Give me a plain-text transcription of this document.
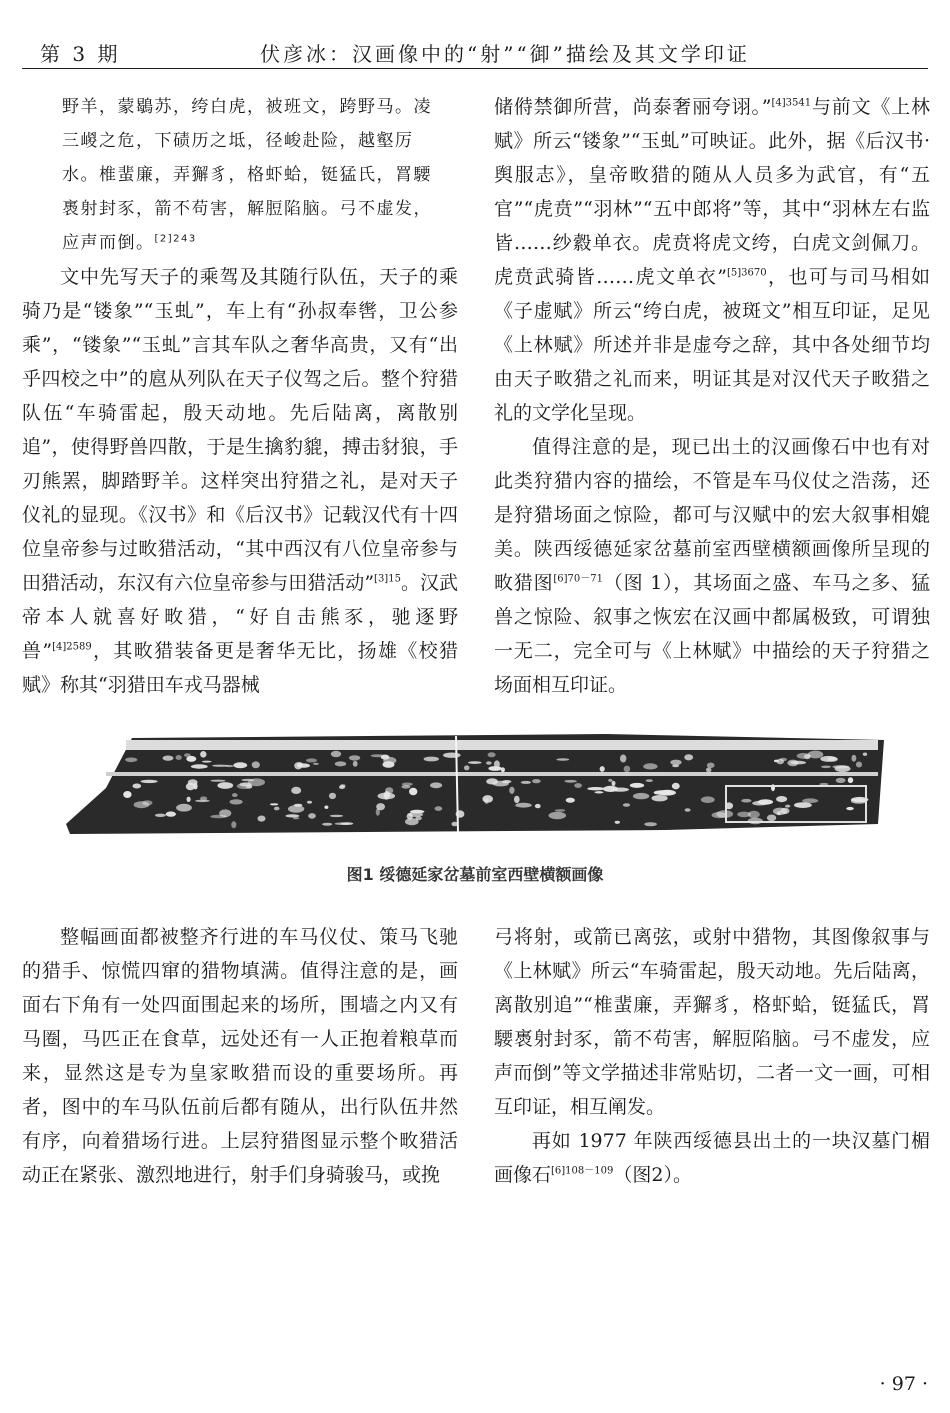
第 3 期	伏彦冰：汉画像中的“射”“御”描绘及其文学印证

野羊，蒙鶡苏，绔白虎，被班文，跨野马。凌

三嵕之危，下碛历之坻，径峻赴险，越壑厉

水。椎蜚廉，弄獬豸，格虾蛤，铤猛氏，罥騕

褭射封豕，箭不苟害，解脰陷脑。弓不虚发，

应声而倒。$^{[2]243}$

文中先写天子的乘驾及其随行队伍，天子的乘骑乃是“镂象”“玉虬”，车上有“孙叔奉辔，卫公参乘”，“镂象”“玉虬”言其车队之奢华高贵，又有“出乎四校之中”的扈从列队在天子仪驾之后。整个狩猎队伍“车骑雷起，殷天动地。先后陆离，离散别追”，使得野兽四散，于是生擒豹貔，搏击豺狼，手刃熊罴，脚踏野羊。这样突出狩猎之礼，是对天子仪礼的显现。《汉书》和《后汉书》记载汉代有十四位皇帝参与过畋猎活动，“其中西汉有八位皇帝参与田猎活动，东汉有六位皇帝参与田猎活动”$^{[3]15}$。汉武帝本人就喜好畋猎，“好自击熊豕，驰逐野兽”$^{[4]2589}$，其畋猎装备更是奢华无比，扬雄《校猎赋》称其“羽猎田车戎马器械

储偫禁御所营，尚泰奢丽夸诩。”$^{[4]3541}$与前文《上林赋》所云“镂象”“玉虬”可映证。此外，据《后汉书·舆服志》，皇帝畋猎的随从人员多为武官，有“五官”“虎贲”“羽林”“五中郎将”等，其中“羽林左右监皆……纱縠单衣。虎贲将虎文绔，白虎文剑佩刀。虎贲武骑皆……虎文单衣”$^{[5]3670}$，也可与司马相如《子虚赋》所云“绔白虎，被斑文”相互印证，足见《上林赋》所述并非是虚夸之辞，其中各处细节均由天子畋猎之礼而来，明证其是对汉代天子畋猎之礼的文学化呈现。

值得注意的是，现已出土的汉画像石中也有对此类狩猎内容的描绘，不管是车马仪仗之浩荡，还是狩猎场面之惊险，都可与汉赋中的宏大叙事相媲美。陕西绥德延家岔墓前室西壁横额画像所呈现的畋猎图$^{[6]70-71}$（图 1），其场面之盛、车马之多、猛兽之惊险、叙事之恢宏在汉画中都属极致，可谓独一无二，完全可与《上林赋》中描绘的天子狩猎之场面相互印证。

图1 绥德延家岔墓前室西壁横额画像

整幅画面都被整齐行进的车马仪仗、策马飞驰的猎手、惊慌四窜的猎物填满。值得注意的是，画面右下角有一处四面围起来的场所，围墙之内又有马圈，马匹正在食草，远处还有一人正抱着粮草而来，显然这是专为皇家畋猎而设的重要场所。再者，图中的车马队伍前后都有随从，出行队伍井然有序，向着猎场行进。上层狩猎图显示整个畋猎活动正在紧张、激烈地进行，射手们身骑骏马，或挽

弓将射，或箭已离弦，或射中猎物，其图像叙事与《上林赋》所云“车骑雷起，殷天动地。先后陆离，离散别追”“椎蜚廉，弄獬豸，格虾蛤，铤猛氏，罥騕褭射封豕，箭不苟害，解脰陷脑。弓不虚发，应声而倒”等文学描述非常贴切，二者一文一画，可相互印证，相互阐发。

再如 1977 年陕西绥德县出土的一块汉墓门楣画像石$^{[6]108-109}$（图2）。

· 97 ·
